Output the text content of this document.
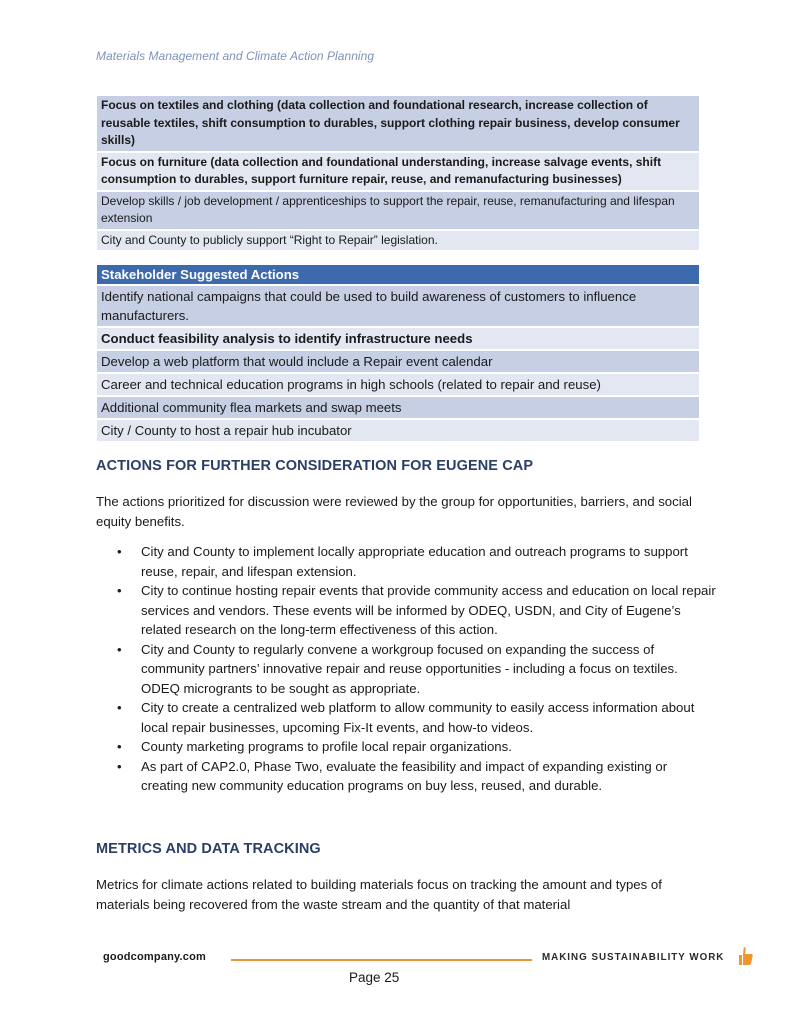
Materials Management and Climate Action Planning
Focus on textiles and clothing (data collection and foundational research, increase collection of reusable textiles, shift consumption to durables, support clothing repair business, develop consumer skills)
Focus on furniture (data collection and foundational understanding, increase salvage events, shift consumption to durables, support furniture repair, reuse, and remanufacturing businesses)
Develop skills / job development / apprenticeships to support the repair, reuse, remanufacturing and lifespan extension
City and County to publicly support “Right to Repair” legislation.
Stakeholder Suggested Actions
Identify national campaigns that could be used to build awareness of customers to influence manufacturers.
Conduct feasibility analysis to identify infrastructure needs
Develop a web platform that would include a Repair event calendar
Career and technical education programs in high schools (related to repair and reuse)
Additional community flea markets and swap meets
City / County to host a repair hub incubator
ACTIONS FOR FURTHER CONSIDERATION FOR EUGENE CAP
The actions prioritized for discussion were reviewed by the group for opportunities, barriers, and social equity benefits.
• City and County to implement locally appropriate education and outreach programs to support reuse, repair, and lifespan extension.
• City to continue hosting repair events that provide community access and education on local repair services and vendors. These events will be informed by ODEQ, USDN, and City of Eugene’s related research on the long-term effectiveness of this action.
• City and County to regularly convene a workgroup focused on expanding the success of community partners’ innovative repair and reuse opportunities - including a focus on textiles. ODEQ microgrants to be sought as appropriate.
• City to create a centralized web platform to allow community to easily access information about local repair businesses, upcoming Fix-It events, and how-to videos.
• County marketing programs to profile local repair organizations.
• As part of CAP2.0, Phase Two, evaluate the feasibility and impact of expanding existing or creating new community education programs on buy less, reused, and durable.
METRICS AND DATA TRACKING
Metrics for climate actions related to building materials focus on tracking the amount and types of materials being recovered from the waste stream and the quantity of that material
goodcompany.com	MAKING SUSTAINABILITY WORK
Page 25
